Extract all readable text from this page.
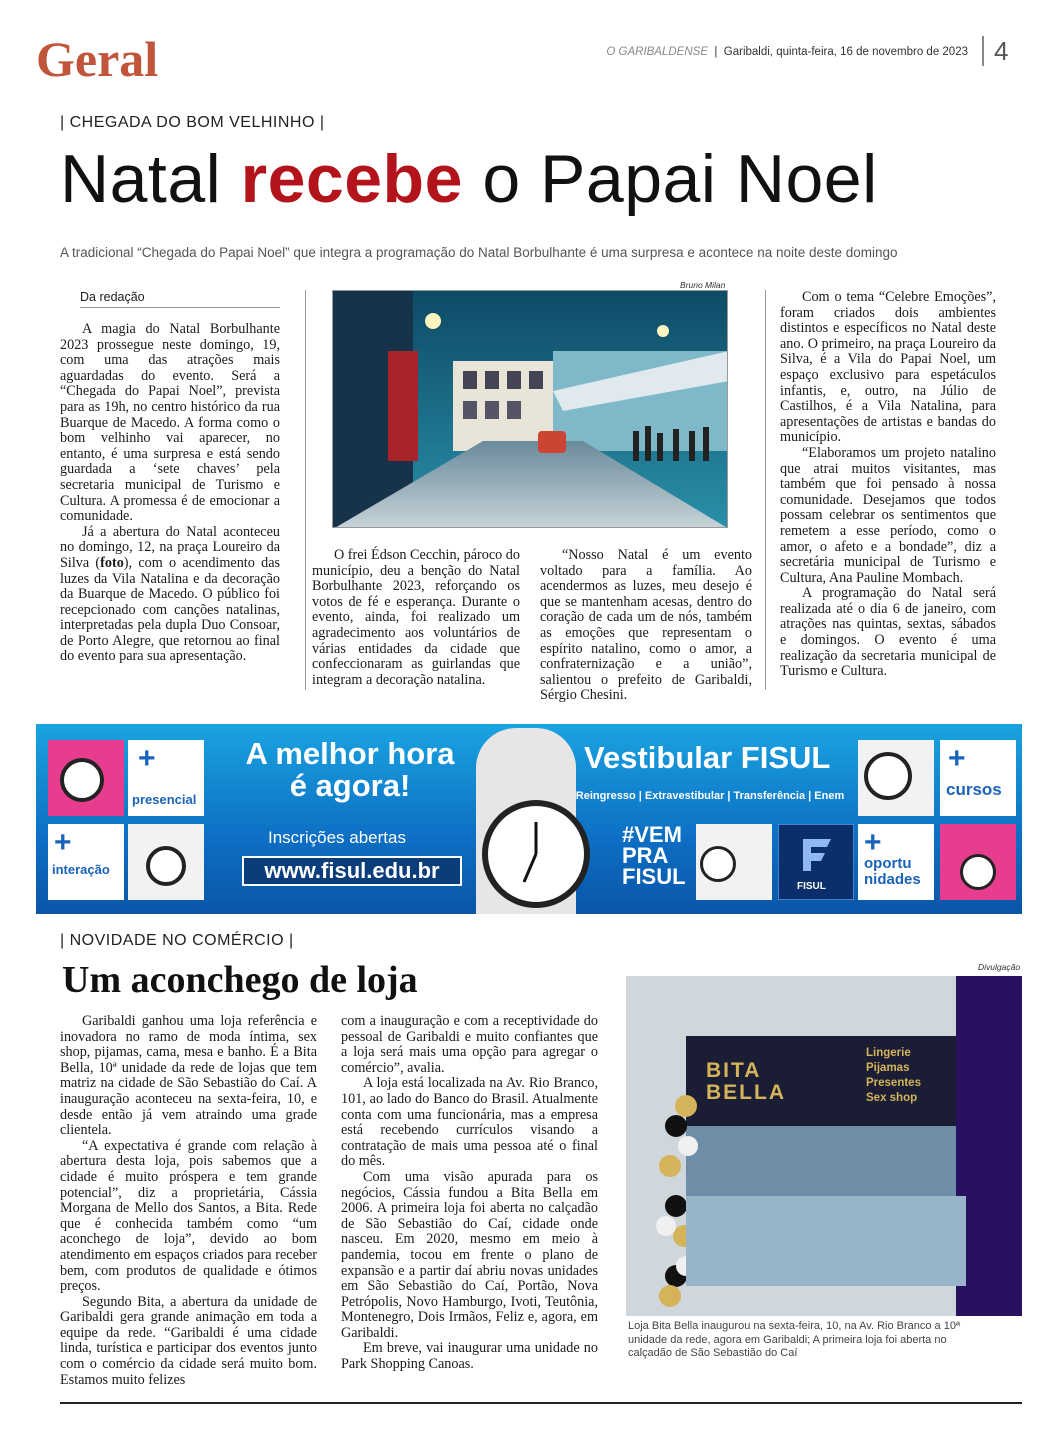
Geral	O GARIBALDENSE  |  Garibaldi, quinta-feira, 16 de novembro de 2023	4
| CHEGADA DO BOM VELHINHO |
Natal recebe o Papai Noel
A tradicional “Chegada do Papai Noel” que integra a programação do Natal Borbulhante é uma surpresa e acontece na noite deste domingo
Da redação

A magia do Natal Borbulhante 2023 prossegue neste domingo, 19, com uma das atrações mais aguardadas do evento. Será a “Chegada do Papai Noel”, prevista para as 19h, no centro histórico da rua Buarque de Macedo. A forma como o bom velhinho vai aparecer, no entanto, é uma surpresa e está sendo guardada a ‘sete chaves’ pela secretaria municipal de Turismo e Cultura. A promessa é de emocionar a comunidade.

Já a abertura do Natal aconteceu no domingo, 12, na praça Loureiro da Silva (foto), com o acendimento das luzes da Vila Natalina e da decoração da Buarque de Macedo. O público foi recepcionado com canções natalinas, interpretadas pela dupla Duo Consoar, de Porto Alegre, que retornou ao final do evento para sua apresentação.

Bruno Milan

O frei Édson Cecchin, pároco do município, deu a benção do Natal Borbulhante 2023, reforçando os votos de fé e esperança. Durante o evento, ainda, foi realizado um agradecimento aos voluntários de várias entidades da cidade que confeccionaram as guirlandas que integram a decoração natalina.

“Nosso Natal é um evento voltado para a família. Ao acendermos as luzes, meu desejo é que se mantenham acesas, dentro do coração de cada um de nós, também as emoções que representam o espírito natalino, como o amor, a confraternização e a união”, salientou o prefeito de Garibaldi, Sérgio Chesini.

Com o tema “Celebre Emoções”, foram criados dois ambientes distintos e específicos no Natal deste ano. O primeiro, na praça Loureiro da Silva, é a Vila do Papai Noel, um espaço exclusivo para espetáculos infantis, e, outro, na Júlio de Castilhos, é a Vila Natalina, para apresentações de artistas e bandas do município.

“Elaboramos um projeto natalino que atrai muitos visitantes, mas também que foi pensado à nossa comunidade. Desejamos que todos possam celebrar os sentimentos que remetem a esse período, como o amor, o afeto e a bondade”, diz a secretária municipal de Turismo e Cultura, Ana Pauline Mombach.

A programação do Natal será realizada até o dia 6 de janeiro, com atrações nas quintas, sextas, sábados e domingos. O evento é uma realização da secretaria municipal de Turismo e Cultura.

+
presencial
+
interação
A melhor hora
é agora!
Inscrições abertas
www.fisul.edu.br
Vestibular FISUL
Reingresso | Extravestibular | Transferência | Enem
#VEM
PRA
FISUL	FISUL
+
oportu
nidades
+
cursos
| NOVIDADE NO COMÉRCIO |
Um aconchego de loja

Garibaldi ganhou uma loja referência e inovadora no ramo de moda íntima, sex shop, pijamas, cama, mesa e banho. É a Bita Bella, 10ª unidade da rede de lojas que tem matriz na cidade de São Sebastião do Caí. A inauguração aconteceu na sexta-feira, 10, e desde então já vem atraindo uma grade clientela.

“A expectativa é grande com relação à abertura desta loja, pois sabemos que a cidade é muito próspera e tem grande potencial”, diz a proprietária, Cássia Morgana de Mello dos Santos, a Bita. Rede que é conhecida também como “um aconchego de loja”, devido ao bom atendimento em espaços criados para receber bem, com produtos de qualidade e ótimos preços.

Segundo Bita, a abertura da unidade de Garibaldi gera grande animação em toda a equipe da rede. “Garibaldi é uma cidade linda, turística e participar dos eventos junto com o comércio da cidade será muito bom. Estamos muito felizes

com a inauguração e com a receptividade do pessoal de Garibaldi e muito confiantes que a loja será mais uma opção para agregar o comércio”, avalia.

A loja está localizada na Av. Rio Branco, 101, ao lado do Banco do Brasil. Atualmente conta com uma funcionária, mas a empresa está recebendo currículos visando a contratação de mais uma pessoa até o final do mês.

Com uma visão apurada para os negócios, Cássia fundou a Bita Bella em 2006. A primeira loja foi aberta no calçadão de São Sebastião do Caí, cidade onde nasceu. Em 2020, mesmo em meio à pandemia, tocou em frente o plano de expansão e a partir daí abriu novas unidades em São Sebastião do Caí, Portão, Nova Petrópolis, Novo Hamburgo, Ivoti, Teutônia, Montenegro, Dois Irmãos, Feliz e, agora, em Garibaldi.

Em breve, vai inaugurar uma unidade no Park Shopping Canoas.

Divulgação
BITA
BELLA
Lingerie
Pijamas
Presentes
Sex shop
Loja Bita Bella inaugurou na sexta-feira, 10, na Av. Rio Branco a 10ª unidade da rede, agora em Garibaldi; A primeira loja foi aberta no calçadão de São Sebastião do Caí
